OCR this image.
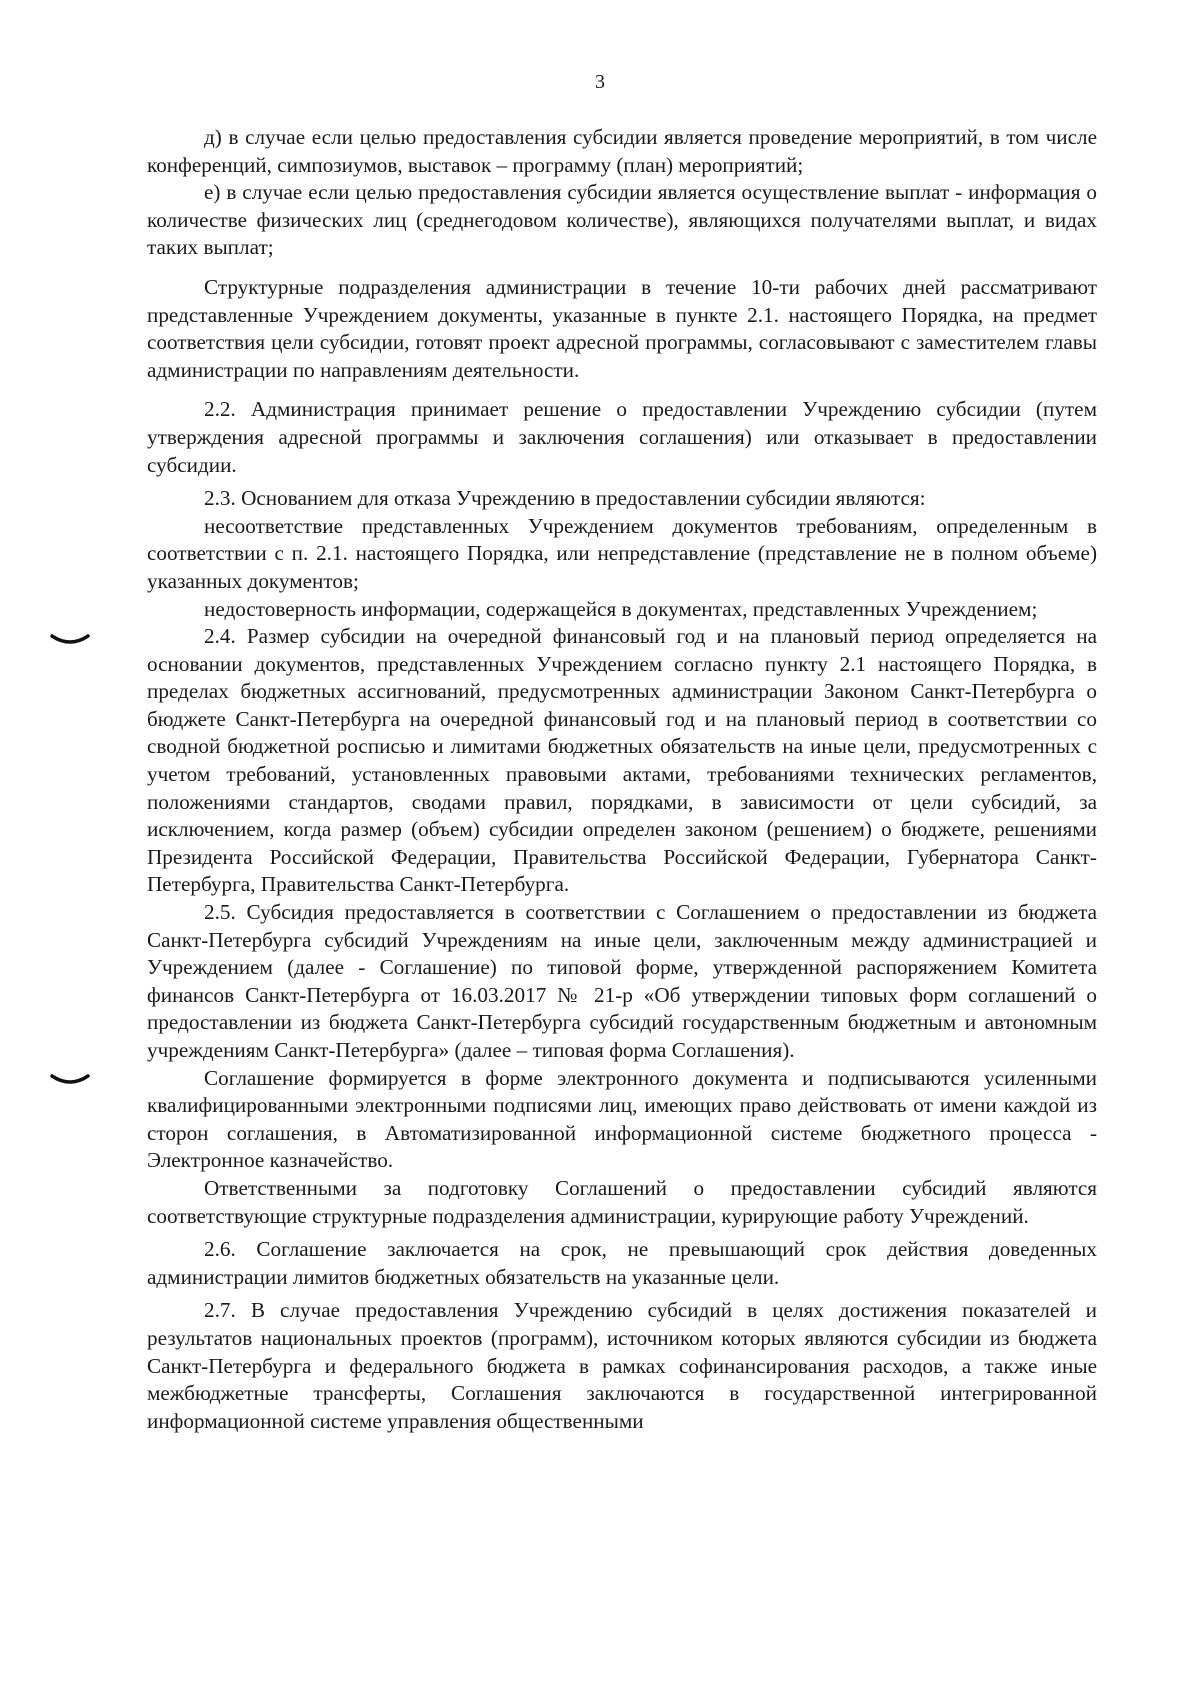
3

д) в случае если целью предоставления субсидии является проведение мероприятий, в том числе конференций, симпозиумов, выставок – программу (план) мероприятий;

е) в случае если целью предоставления субсидии является осуществление выплат - информация о количестве физических лиц (среднегодовом количестве), являющихся получателями выплат, и видах таких выплат;

Структурные подразделения администрации в течение 10-ти рабочих дней рассматривают представленные Учреждением документы, указанные в пункте 2.1. настоящего Порядка, на предмет соответствия цели субсидии, готовят проект адресной программы, согласовывают с заместителем главы администрации по направлениям деятельности.

2.2. Администрация принимает решение о предоставлении Учреждению субсидии (путем утверждения адресной программы и заключения соглашения) или отказывает в предоставлении субсидии.

2.3. Основанием для отказа Учреждению в предоставлении субсидии являются:

несоответствие представленных Учреждением документов требованиям, определенным в соответствии с п. 2.1. настоящего Порядка, или непредставление (представление не в полном объеме) указанных документов;

недостоверность информации, содержащейся в документах, представленных Учреждением;

2.4. Размер субсидии на очередной финансовый год и на плановый период определяется на основании документов, представленных Учреждением согласно пункту 2.1 настоящего Порядка, в пределах бюджетных ассигнований, предусмотренных администрации Законом Санкт-Петербурга о бюджете Санкт-Петербурга на очередной финансовый год и на плановый период в соответствии со сводной бюджетной росписью и лимитами бюджетных обязательств на иные цели, предусмотренных с учетом требований, установленных правовыми актами, требованиями технических регламентов, положениями стандартов, сводами правил, порядками, в зависимости от цели субсидий, за исключением, когда размер (объем) субсидии определен законом (решением) о бюджете, решениями Президента Российской Федерации, Правительства Российской Федерации, Губернатора Санкт-Петербурга, Правительства Санкт-Петербурга.

2.5. Субсидия предоставляется в соответствии с Соглашением о предоставлении из бюджета Санкт-Петербурга субсидий Учреждениям на иные цели, заключенным между администрацией и Учреждением (далее - Соглашение) по типовой форме, утвержденной распоряжением Комитета финансов Санкт-Петербурга от 16.03.2017 № 21-р «Об утверждении типовых форм соглашений о предоставлении из бюджета Санкт-Петербурга субсидий государственным бюджетным и автономным учреждениям Санкт-Петербурга» (далее – типовая форма Соглашения).

Соглашение формируется в форме электронного документа и подписываются усиленными квалифицированными электронными подписями лиц, имеющих право действовать от имени каждой из сторон соглашения, в Автоматизированной информационной системе бюджетного процесса - Электронное казначейство.

Ответственными за подготовку Соглашений о предоставлении субсидий являются соответствующие структурные подразделения администрации, курирующие работу Учреждений.

2.6. Соглашение заключается на срок, не превышающий срок действия доведенных администрации лимитов бюджетных обязательств на указанные цели.

2.7. В случае предоставления Учреждению субсидий в целях достижения показателей и результатов национальных проектов (программ), источником которых являются субсидии из бюджета Санкт-Петербурга и федерального бюджета в рамках софинансирования расходов, а также иные межбюджетные трансферты, Соглашения заключаются в государственной интегрированной информационной системе управления общественными
